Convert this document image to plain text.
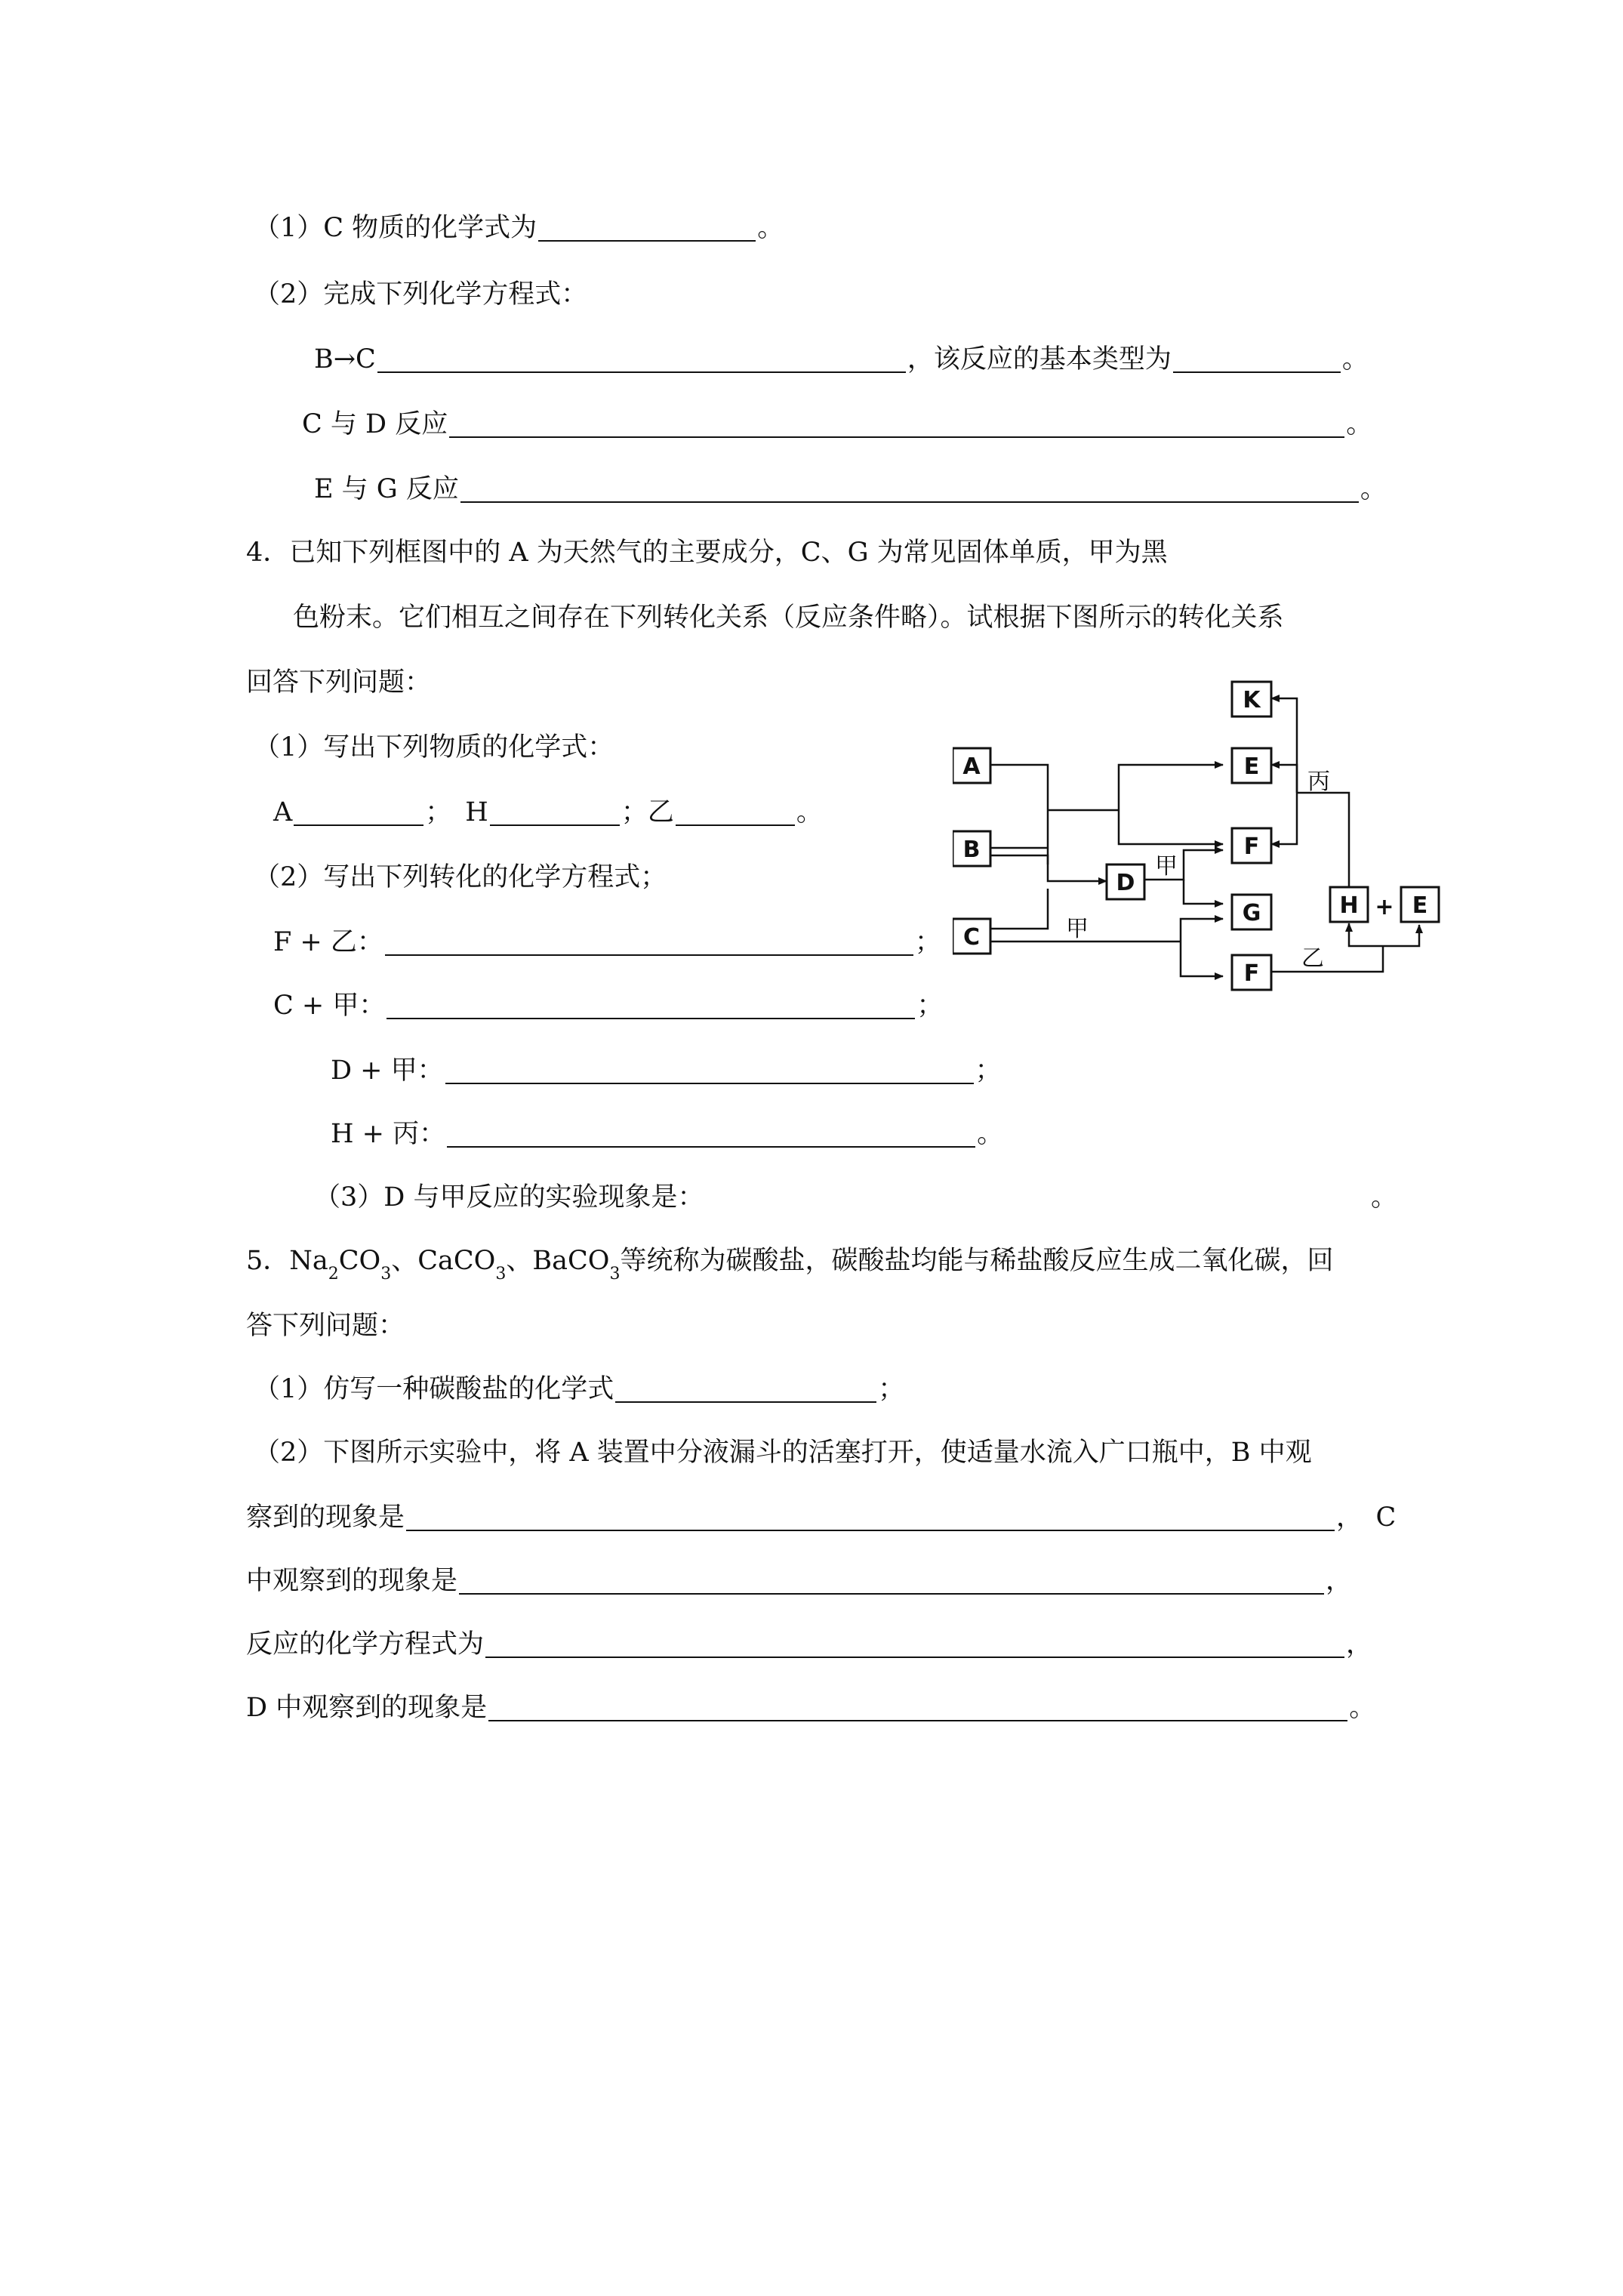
（1）C 物质的化学式为	。
（2）完成下列化学方程式：
B→C	，该反应的基本类型为	。
C 与 D 反应	。
E 与 G 反应	。
4．已知下列框图中的 A 为天然气的主要成分，C、G 为常见固体单质，甲为黑
色粉末。它们相互之间存在下列转化关系（反应条件略）。试根据下图所示的转化关系
回答下列问题：
（1）写出下列物质的化学式：
A	； H	； 乙	。
（2）写出下列转化的化学方程式；
F + 乙：	；
C + 甲：	；
D + 甲：	；
H + 丙：	。
（3）D 与甲反应的实验现象是：	。
A
B
C
D
K
E
F
G
F
H E
+
甲
甲
丙
乙
5．Na 2 CO 3 、CaCO 3 、BaCO 3 等统称为碳酸盐，碳酸盐均能与稀盐酸反应生成二氧化碳，回
答下列问题：
（1）仿写一种碳酸盐的化学式	；
（2）下图所示实验中，将 A 装置中分液漏斗的活塞打开，使适量水流入广口瓶中，B 中观
察到的现象是	，　C
中观察到的现象是	，
反应的化学方程式为	，
D 中观察到的现象是	。
